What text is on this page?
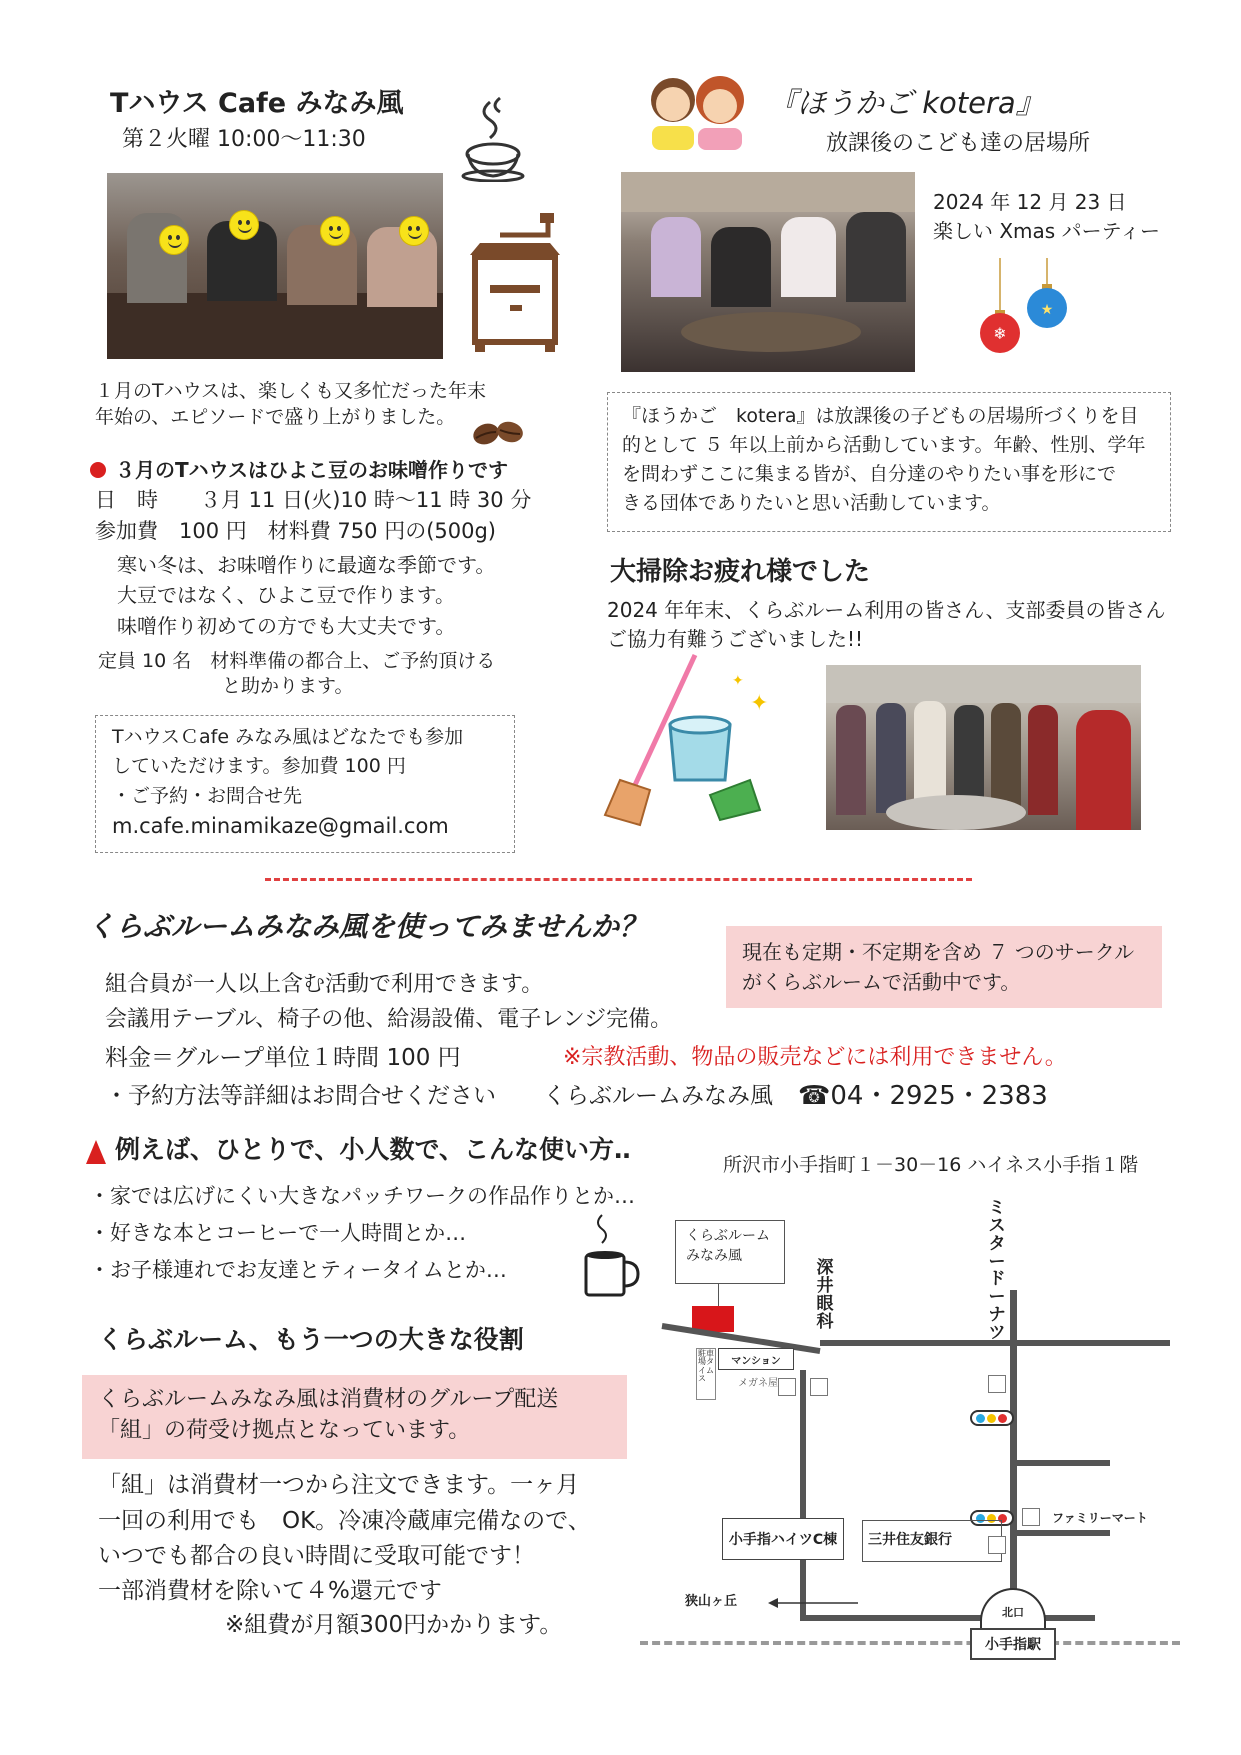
Tハウス Cafe みなみ風
第２火曜 10:00～11:30
１月のTハウスは、楽しくも又多忙だった年末
年始の、エピソードで盛り上がりました。
３月のTハウスはひよこ豆のお味噌作りです
日　時　　３月 11 日(火)10 時～11 時 30 分
参加費　100 円　材料費 750 円の(500g)
寒い冬は、お味噌作りに最適な季節です。
大豆ではなく、ひよこ豆で作ります。
味噌作り初めての方でも大丈夫です。
定員 10 名　材料準備の都合上、ご予約頂ける
と助かります。
TハウスＣafe みなみ風はどなたでも参加
していただけます。参加費 100 円
・ご予約・お問合せ先
m.cafe.minamikaze@gmail.com
『ほうかご kotera』
放課後のこども達の居場所
2024 年 12 月 23 日
楽しい Xmas パーティー
❄
★
『ほうかご　kotera』は放課後の子どもの居場所づくりを目
的として ５ 年以上前から活動しています。年齢、性別、学年
を問わずここに集まる皆が、自分達のやりたい事を形にで
きる団体でありたいと思い活動しています。
大掃除お疲れ様でした
2024 年年末、くらぶルーム利用の皆さん、支部委員の皆さん
ご協力有難うございました!!
✦
✦
くらぶルームみなみ風を使ってみませんか？
現在も定期・不定期を含め ７ つのサークル
がくらぶルームで活動中です。
組合員が一人以上含む活動で利用できます。
会議用テーブル、椅子の他、給湯設備、電子レンジ完備。
料金＝グループ単位１時間 100 円	※宗教活動、物品の販売などには利用できません。
・予約方法等詳細はお問合せください くらぶルームみなみ風 ☎04・2925・2383
例えば、ひとりで、小人数で、こんな使い方‥
所沢市小手指町１－30－16 ハイネス小手指１階
・家では広げにくい大きなパッチワークの作品作りとか…
・好きな本とコーヒーで一人時間とか…
・お子様連れでお友達とティータイムとか…
くらぶルーム、もう一つの大きな役割
くらぶルームみなみ風は消費材のグループ配送
「組」の荷受け拠点となっています。
「組」は消費材一つから注文できます。一ヶ月
一回の利用でも　OK。冷凍冷蔵庫完備なので、
いつでも都合の良い時間に受取可能です！
一部消費材を除いて４%還元です
※組費が月額300円かかります。
くらぶルーム
みなみ風
マンション
駐車場タイムス	メガネ屋
深井眼科
ミスタードーナツ
ファミリーマート
小手指ハイツC棟	三井住友銀行
狭山ヶ丘
北口
小手指駅
